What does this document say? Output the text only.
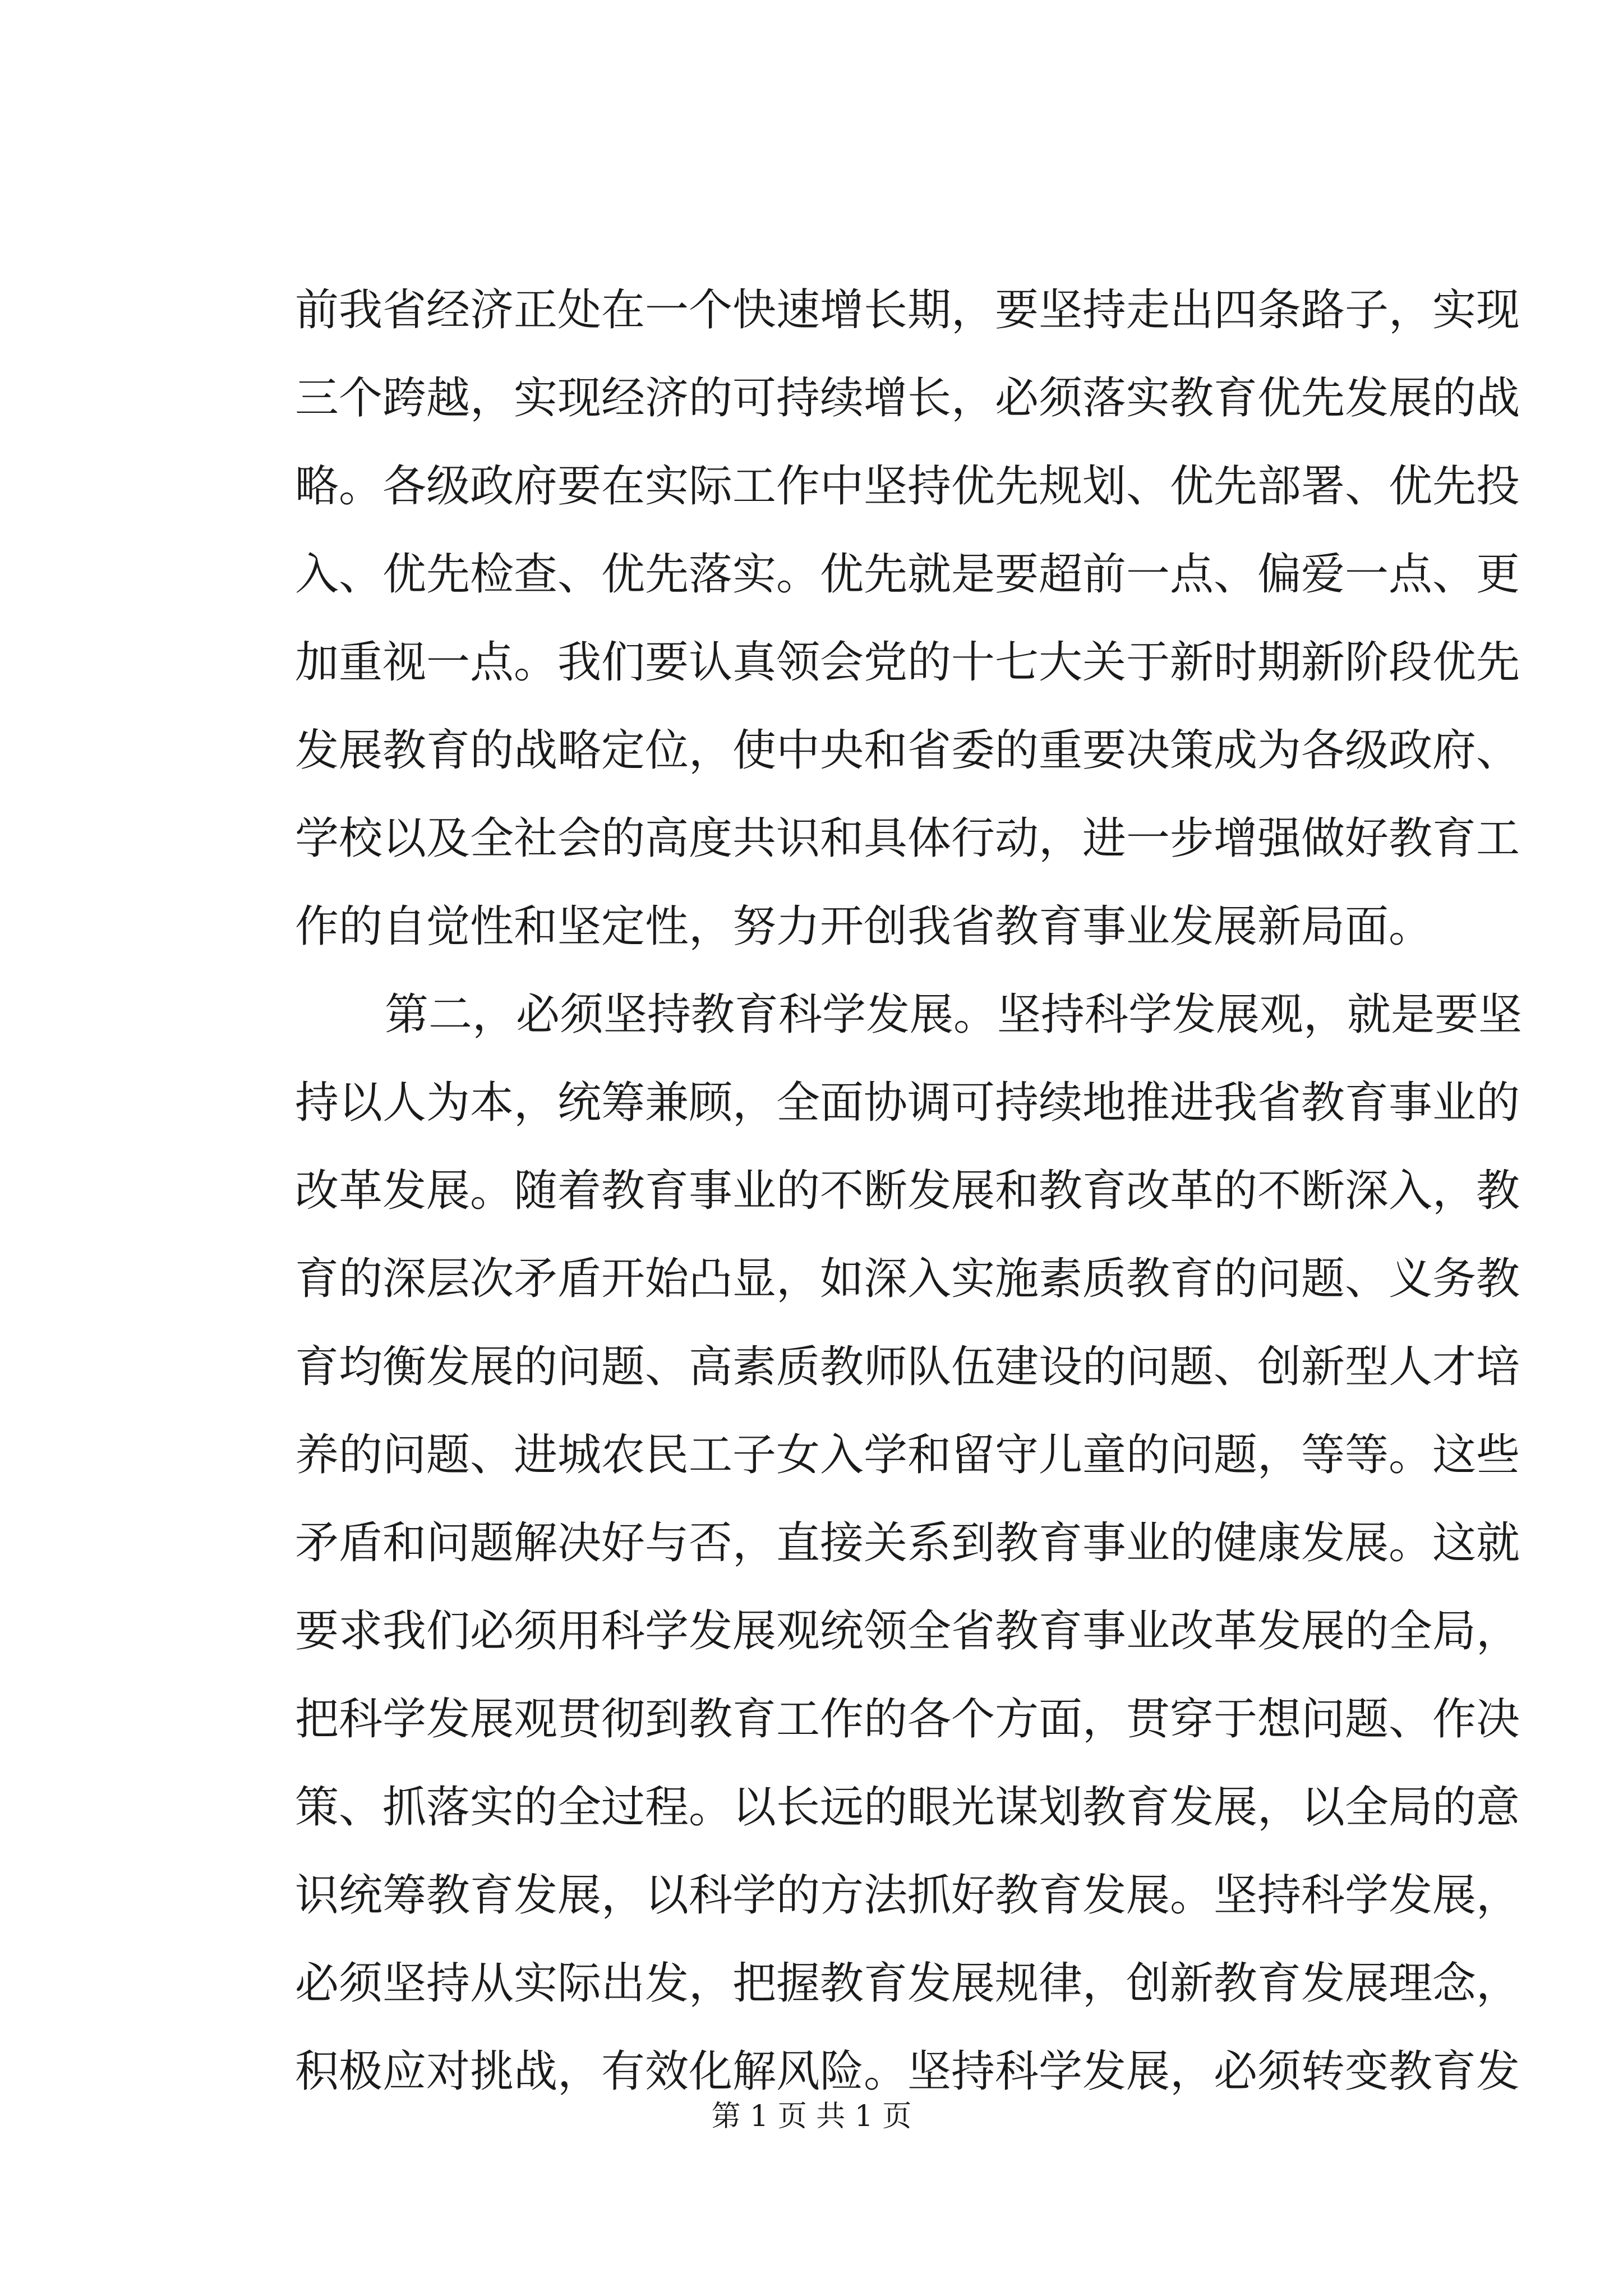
前我省经济正处在一个快速增长期，要坚持走出四条路子，实现
三个跨越，实现经济的可持续增长，必须落实教育优先发展的战
略。各级政府要在实际工作中坚持优先规划、优先部署、优先投
入、优先检查、优先落实。优先就是要超前一点、偏爱一点、更
加重视一点。我们要认真领会党的十七大关于新时期新阶段优先
发展教育的战略定位，使中央和省委的重要决策成为各级政府、
学校以及全社会的高度共识和具体行动，进一步增强做好教育工
作的自觉性和坚定性，努力开创我省教育事业发展新局面。
第二，必须坚持教育科学发展。坚持科学发展观，就是要坚
持以人为本，统筹兼顾，全面协调可持续地推进我省教育事业的
改革发展。随着教育事业的不断发展和教育改革的不断深入，教
育的深层次矛盾开始凸显，如深入实施素质教育的问题、义务教
育均衡发展的问题、高素质教师队伍建设的问题、创新型人才培
养的问题、进城农民工子女入学和留守儿童的问题，等等。这些
矛盾和问题解决好与否，直接关系到教育事业的健康发展。这就
要求我们必须用科学发展观统领全省教育事业改革发展的全局，
把科学发展观贯彻到教育工作的各个方面，贯穿于想问题、作决
策、抓落实的全过程。以长远的眼光谋划教育发展，以全局的意
识统筹教育发展，以科学的方法抓好教育发展。坚持科学发展，
必须坚持从实际出发，把握教育发展规律，创新教育发展理念，
积极应对挑战，有效化解风险。坚持科学发展，必须转变教育发
第 1 页 共 1 页
